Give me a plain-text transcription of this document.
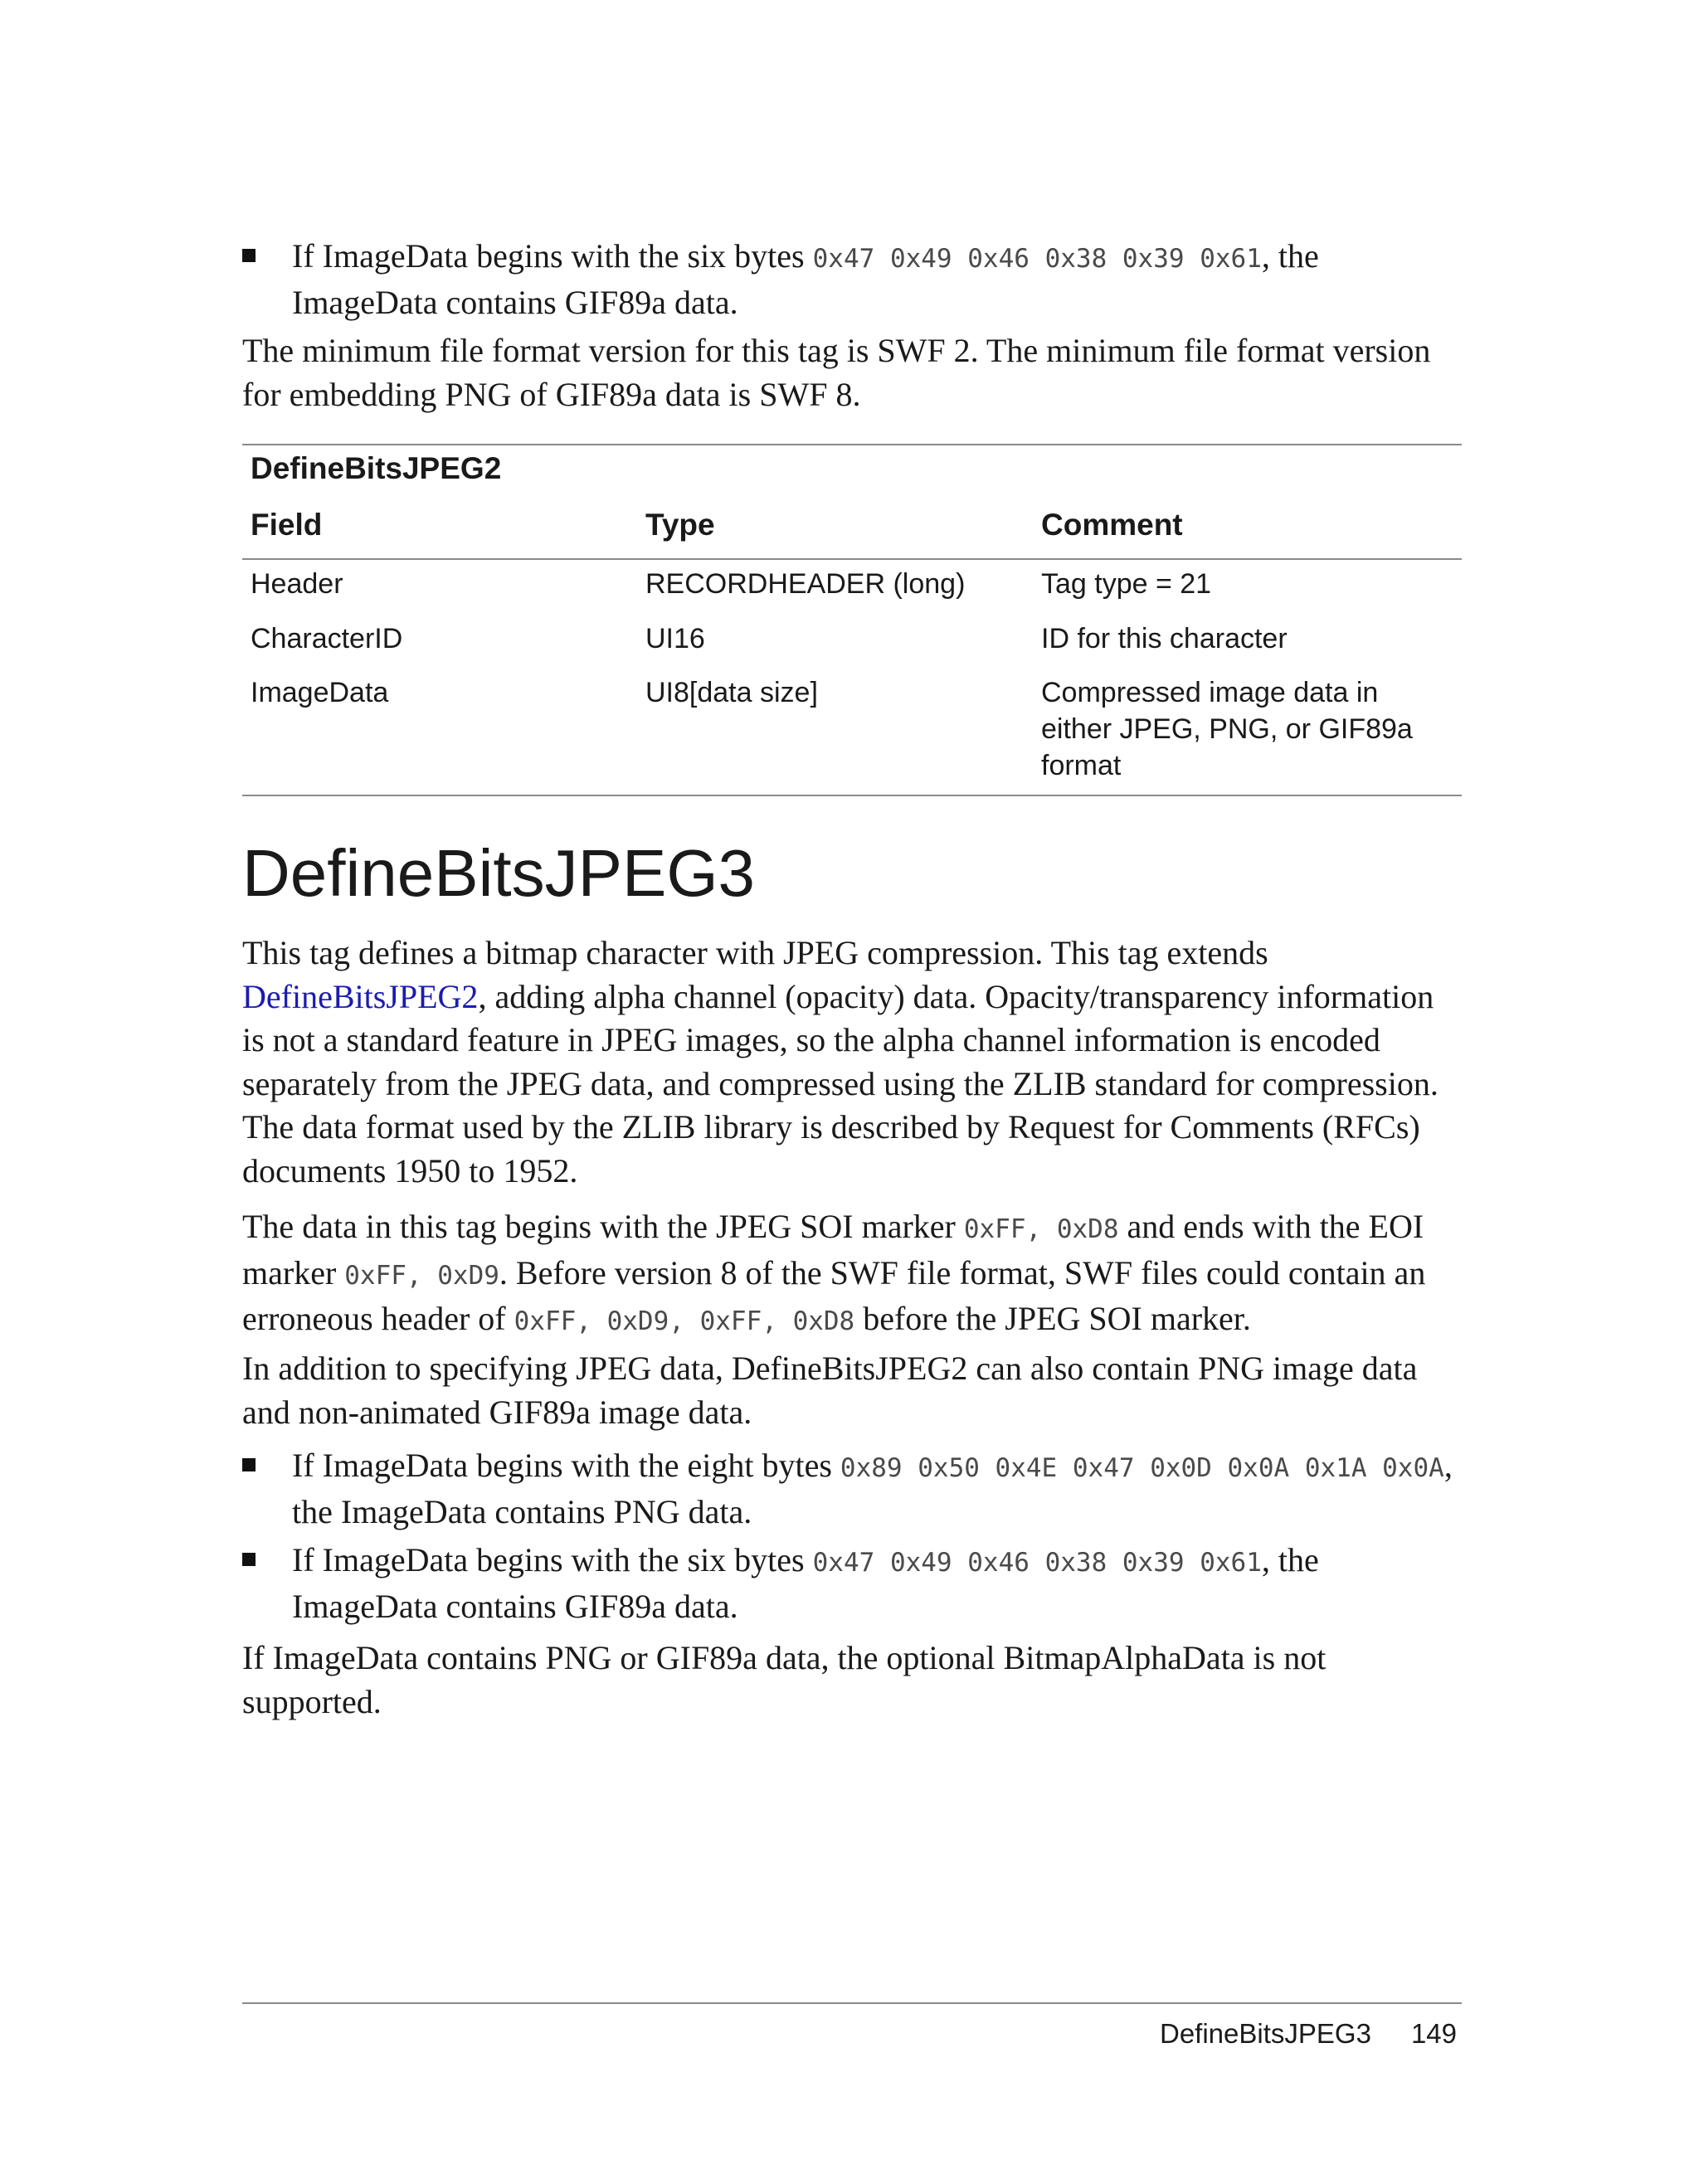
If ImageData begins with the six bytes 0x47 0x49 0x46 0x38 0x39 0x61, the ImageData contains GIF89a data.

The minimum file format version for this tag is SWF 2. The minimum file format version for embedding PNG of GIF89a data is SWF 8.

DefineBitsJPEG2
Field	Type	Comment
Header	RECORDHEADER (long)	Tag type = 21
CharacterID	UI16	ID for this character
ImageData	UI8[data size]	Compressed image data in either JPEG, PNG, or GIF89a format
DefineBitsJPEG3

This tag defines a bitmap character with JPEG compression. This tag extends DefineBitsJPEG2, adding alpha channel (opacity) data. Opacity/transparency information is not a standard feature in JPEG images, so the alpha channel information is encoded separately from the JPEG data, and compressed using the ZLIB standard for compression. The data format used by the ZLIB library is described by Request for Comments (RFCs) documents 1950 to 1952.

The data in this tag begins with the JPEG SOI marker 0xFF, 0xD8 and ends with the EOI marker 0xFF, 0xD9. Before version 8 of the SWF file format, SWF files could contain an erroneous header of 0xFF, 0xD9, 0xFF, 0xD8 before the JPEG SOI marker.

In addition to specifying JPEG data, DefineBitsJPEG2 can also contain PNG image data and non-animated GIF89a image data.

If ImageData begins with the eight bytes 0x89 0x50 0x4E 0x47 0x0D 0x0A 0x1A 0x0A, the ImageData contains PNG data.

If ImageData begins with the six bytes 0x47 0x49 0x46 0x38 0x39 0x61, the ImageData contains GIF89a data.

If ImageData contains PNG or GIF89a data, the optional BitmapAlphaData is not supported.

DefineBitsJPEG3 149
